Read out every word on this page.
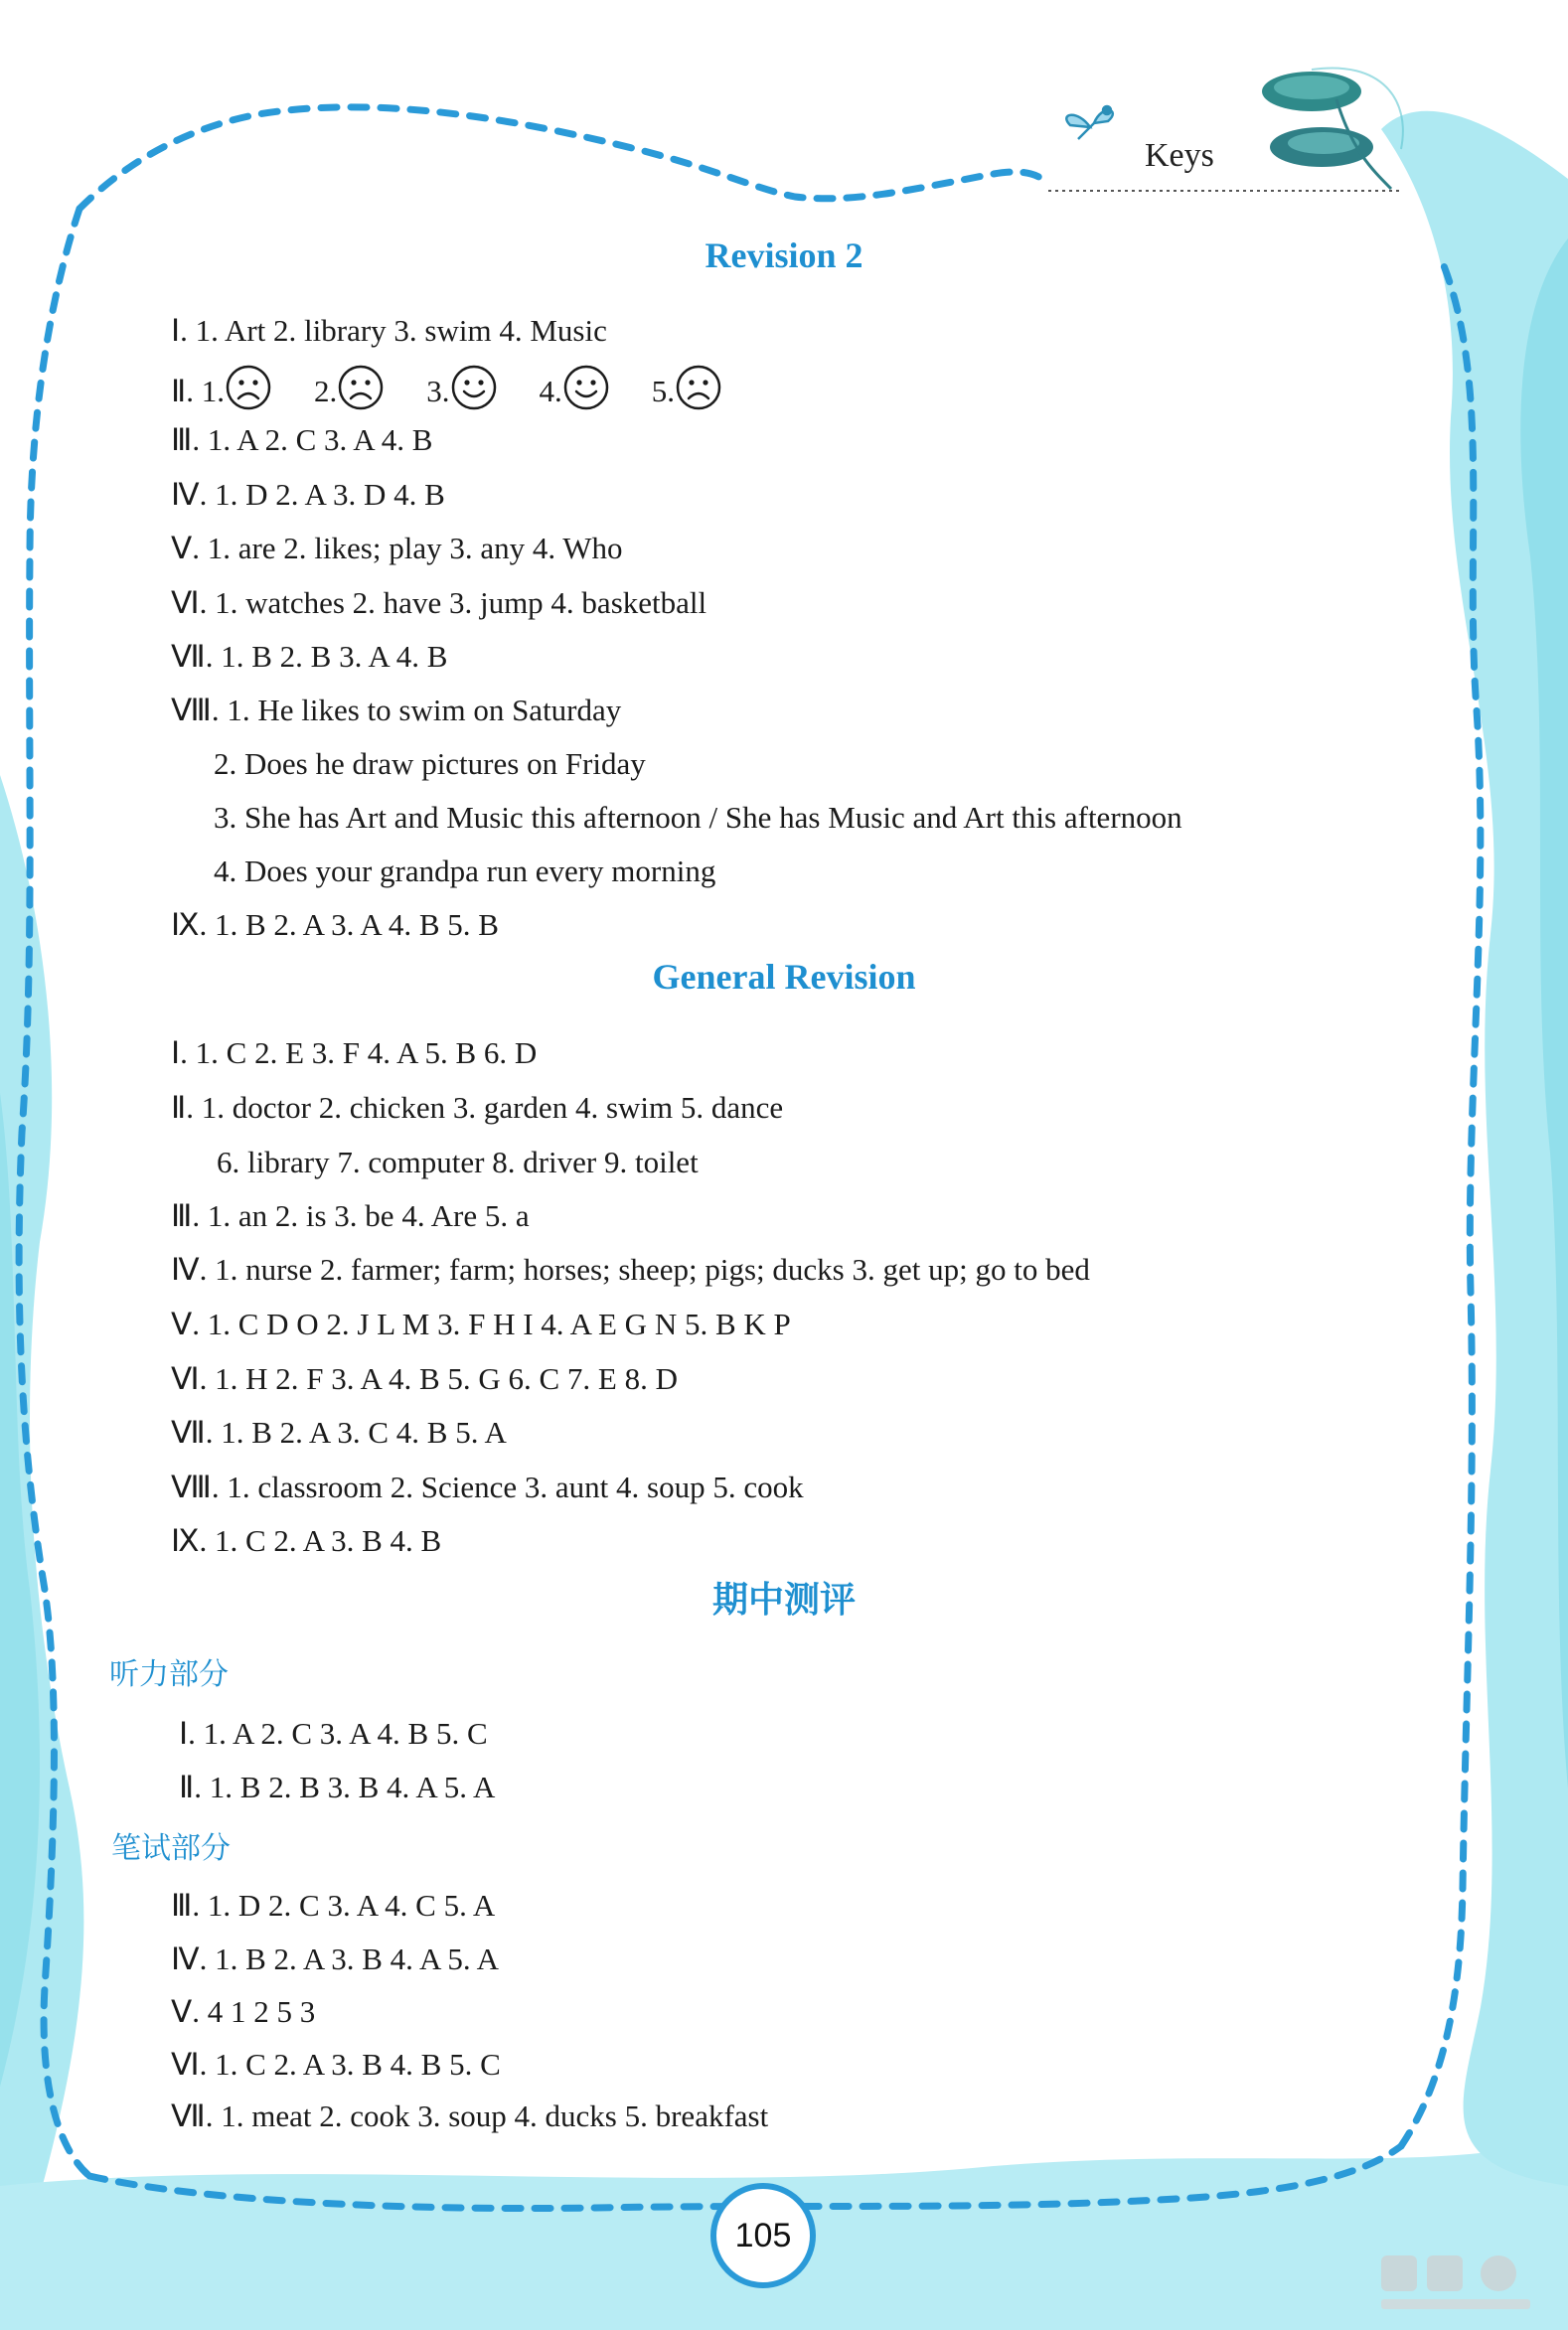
Keys
Revision 2
Ⅰ. 1. Art 2. library 3. swim 4. Music
Ⅱ. 1.	2.	3.	4.	5.
Ⅲ. 1. A 2. C 3. A 4. B
Ⅳ. 1. D 2. A 3. D 4. B
Ⅴ. 1. are 2. likes; play 3. any 4. Who
Ⅵ. 1. watches 2. have 3. jump 4. basketball
Ⅶ. 1. B 2. B 3. A 4. B
Ⅷ. 1. He likes to swim on Saturday
2. Does he draw pictures on Friday
3. She has Art and Music this afternoon / She has Music and Art this afternoon
4. Does your grandpa run every morning
Ⅸ. 1. B 2. A 3. A 4. B 5. B
General Revision
Ⅰ. 1. C 2. E 3. F 4. A 5. B 6. D
Ⅱ. 1. doctor 2. chicken 3. garden 4. swim 5. dance
6. library 7. computer 8. driver 9. toilet
Ⅲ. 1. an 2. is 3. be 4. Are 5. a
Ⅳ. 1. nurse 2. farmer; farm; horses; sheep; pigs; ducks 3. get up; go to bed
Ⅴ. 1. C D O 2. J L M 3. F H I 4. A E G N 5. B K P
Ⅵ. 1. H 2. F 3. A 4. B 5. G 6. C 7. E 8. D
Ⅶ. 1. B 2. A 3. C 4. B 5. A
Ⅷ. 1. classroom 2. Science 3. aunt 4. soup 5. cook
Ⅸ. 1. C 2. A 3. B 4. B
期中测评
听力部分
Ⅰ. 1. A 2. C 3. A 4. B 5. C
Ⅱ. 1. B 2. B 3. B 4. A 5. A
笔试部分
Ⅲ. 1. D 2. C 3. A 4. C 5. A
Ⅳ. 1. B 2. A 3. B 4. A 5. A
Ⅴ. 4 1 2 5 3
Ⅵ. 1. C 2. A 3. B 4. B 5. C
Ⅶ. 1. meat 2. cook 3. soup 4. ducks 5. breakfast
105
